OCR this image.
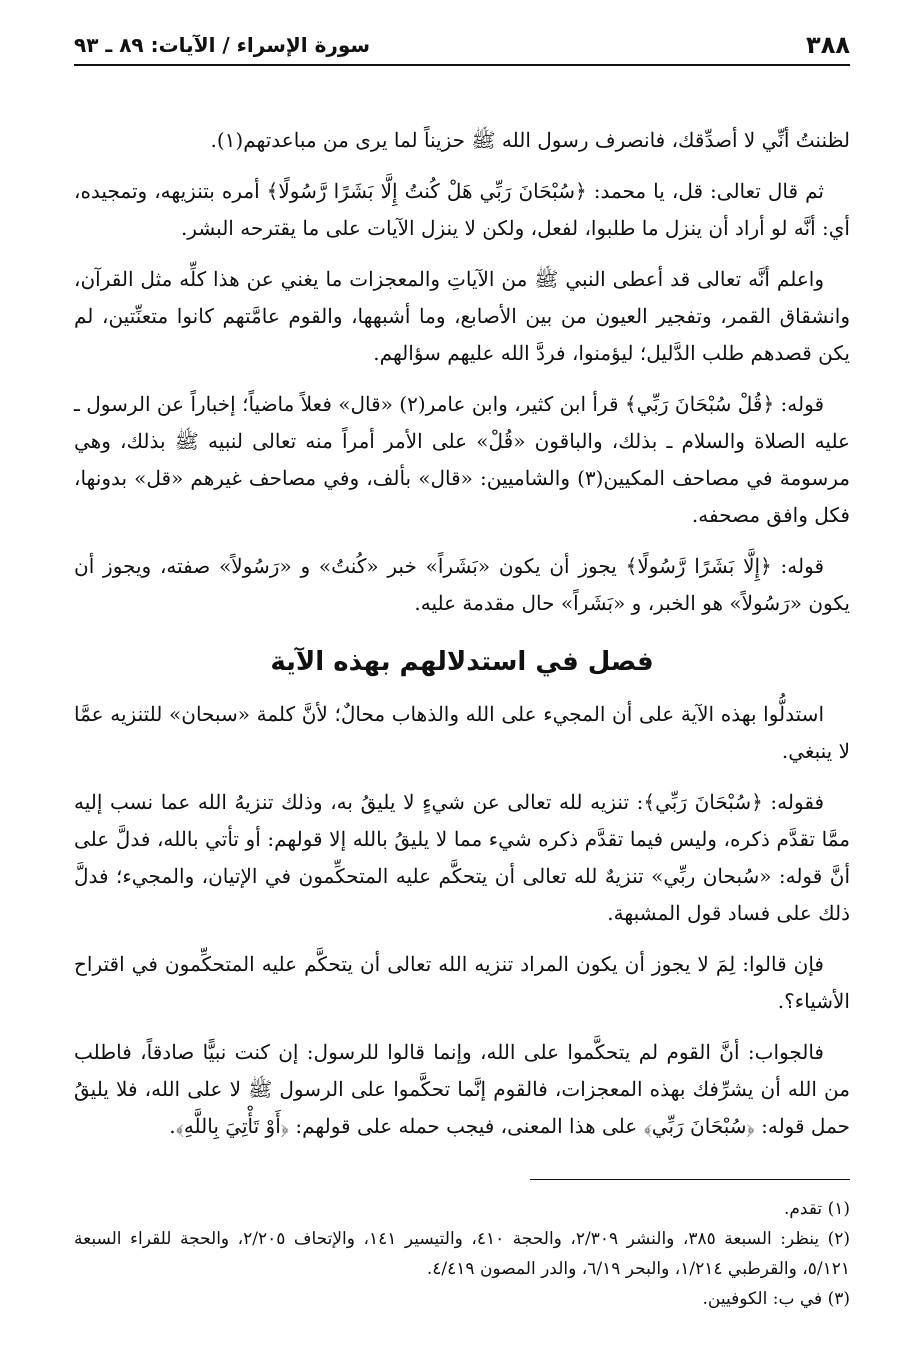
٣٨٨
سورة الإسراء / الآيات: ٨٩ ـ ٩٣

لظننتُ أنِّي لا أصدِّقك، فانصرف رسول الله ﷺ حزيناً لما يرى من مباعدتهم(١).

ثم قال تعالى: قل، يا محمد: ﴿سُبْحَانَ رَبِّي هَلْ كُنتُ إِلَّا بَشَرًا رَّسُولًا﴾ أمره بتنزيهه، وتمجيده، أي: أنَّه لو أراد أن ينزل ما طلبوا، لفعل، ولكن لا ينزل الآيات على ما يقترحه البشر.

واعلم أنَّه تعالى قد أعطى النبي ﷺ من الآياتِ والمعجزات ما يغني عن هذا كلِّه مثل القرآن، وانشقاق القمر، وتفجير العيون من بين الأصابع، وما أشبهها، والقوم عامَّتهم كانوا متعنِّتين، لم يكن قصدهم طلب الدَّليل؛ ليؤمنوا، فردَّ الله عليهم سؤالهم.

قوله: ﴿قُلْ سُبْحَانَ رَبِّي﴾ قرأ ابن كثير، وابن عامر(٢) «قال» فعلاً ماضياً؛ إخباراً عن الرسول ـ عليه الصلاة والسلام ـ بذلك، والباقون «قُلْ» على الأمر أمراً منه تعالى لنبيه ﷺ بذلك، وهي مرسومة في مصاحف المكيين(٣) والشاميين: «قال» بألف، وفي مصاحف غيرهم «قل» بدونها، فكل وافق مصحفه.

قوله: ﴿إِلَّا بَشَرًا رَّسُولًا﴾ يجوز أن يكون «بَشَراً» خبر «كُنتُ» و «رَسُولاً» صفته، ويجوز أن يكون «رَسُولاً» هو الخبر، و «بَشَراً» حال مقدمة عليه.

فصل في استدلالهم بهذه الآية

استدلُّوا بهذه الآية على أن المجيء على الله والذهاب محالٌ؛ لأنَّ كلمة «سبحان» للتنزيه عمَّا لا ينبغي.

فقوله: ﴿سُبْحَانَ رَبِّي﴾: تنزيه لله تعالى عن شيءٍ لا يليقُ به، وذلك تنزيهُ الله عما نسب إليه ممَّا تقدَّم ذكره، وليس فيما تقدَّم ذكره شيء مما لا يليقُ بالله إلا قولهم: أو تأتي بالله، فدلَّ على أنَّ قوله: «سُبحان ربِّي» تنزيهٌ لله تعالى أن يتحكَّم عليه المتحكِّمون في الإتيان، والمجيء؛ فدلَّ ذلك على فساد قول المشبهة.

فإن قالوا: لِمَ لا يجوز أن يكون المراد تنزيه الله تعالى أن يتحكَّم عليه المتحكِّمون في اقتراح الأشياء؟.

فالجواب: أنَّ القوم لم يتحكَّموا على الله، وإنما قالوا للرسول: إن كنت نبيًّا صادقاً، فاطلب من الله أن يشرِّفك بهذه المعجزات، فالقوم إنَّما تحكَّموا على الرسول ﷺ لا على الله، فلا يليقُ حمل قوله: ﴿سُبْحَانَ رَبِّي﴾ على هذا المعنى، فيجب حمله على قولهم: ﴿أَوْ تَأْتِيَ بِاللَّهِ﴾.

(١) تقدم.

(٢) ينظر: السبعة ٣٨٥، والنشر ٢/٣٠٩، والحجة ٤١٠، والتيسير ١٤١، والإتحاف ٢/٢٠٥، والحجة للقراء السبعة ٥/١٢١، والقرطبي ١/٢١٤، والبحر ٦/١٩، والدر المصون ٤/٤١٩.

(٣) في ب: الكوفيين.
